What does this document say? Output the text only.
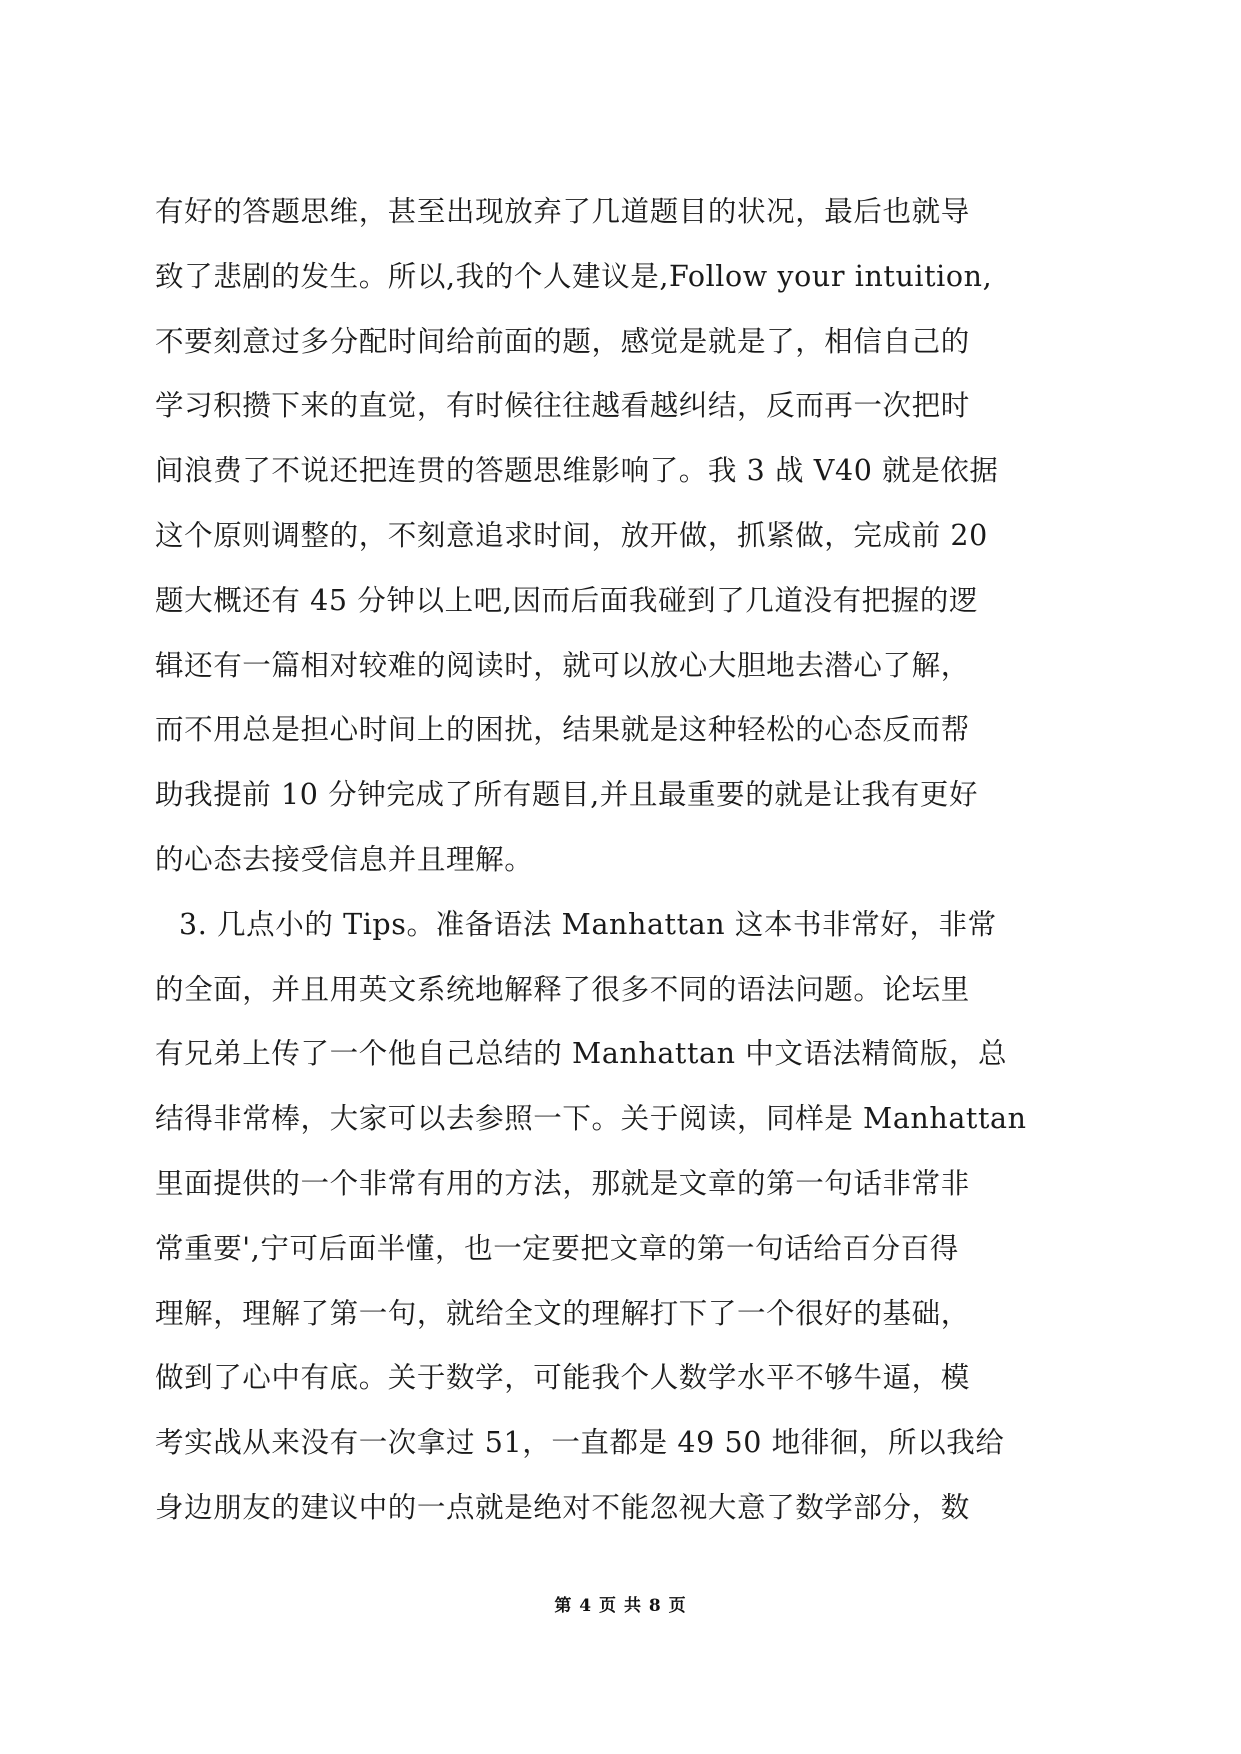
有好的答题思维，甚至出现放弃了几道题目的状况，最后也就导
致了悲剧的发生。所以,我的个人建议是,Follow your intuition,
不要刻意过多分配时间给前面的题，感觉是就是了，相信自己的
学习积攒下来的直觉，有时候往往越看越纠结，反而再一次把时
间浪费了不说还把连贯的答题思维影响了。我 3 战 V40 就是依据
这个原则调整的，不刻意追求时间，放开做，抓紧做，完成前 20
题大概还有 45 分钟以上吧,因而后面我碰到了几道没有把握的逻
辑还有一篇相对较难的阅读时，就可以放心大胆地去潜心了解，
而不用总是担心时间上的困扰，结果就是这种轻松的心态反而帮
助我提前 10 分钟完成了所有题目,并且最重要的就是让我有更好
的心态去接受信息并且理解。
3. 几点小的 Tips。准备语法 Manhattan 这本书非常好，非常
的全面，并且用英文系统地解释了很多不同的语法问题。论坛里
有兄弟上传了一个他自己总结的 Manhattan 中文语法精简版，总
结得非常棒，大家可以去参照一下。关于阅读，同样是 Manhattan
里面提供的一个非常有用的方法，那就是文章的第一句话非常非
常重要',宁可后面半懂，也一定要把文章的第一句话给百分百得
理解，理解了第一句，就给全文的理解打下了一个很好的基础，
做到了心中有底。关于数学，可能我个人数学水平不够牛逼，模
考实战从来没有一次拿过 51，一直都是 49 50 地徘徊，所以我给
身边朋友的建议中的一点就是绝对不能忽视大意了数学部分，数
第 4 页 共 8 页
